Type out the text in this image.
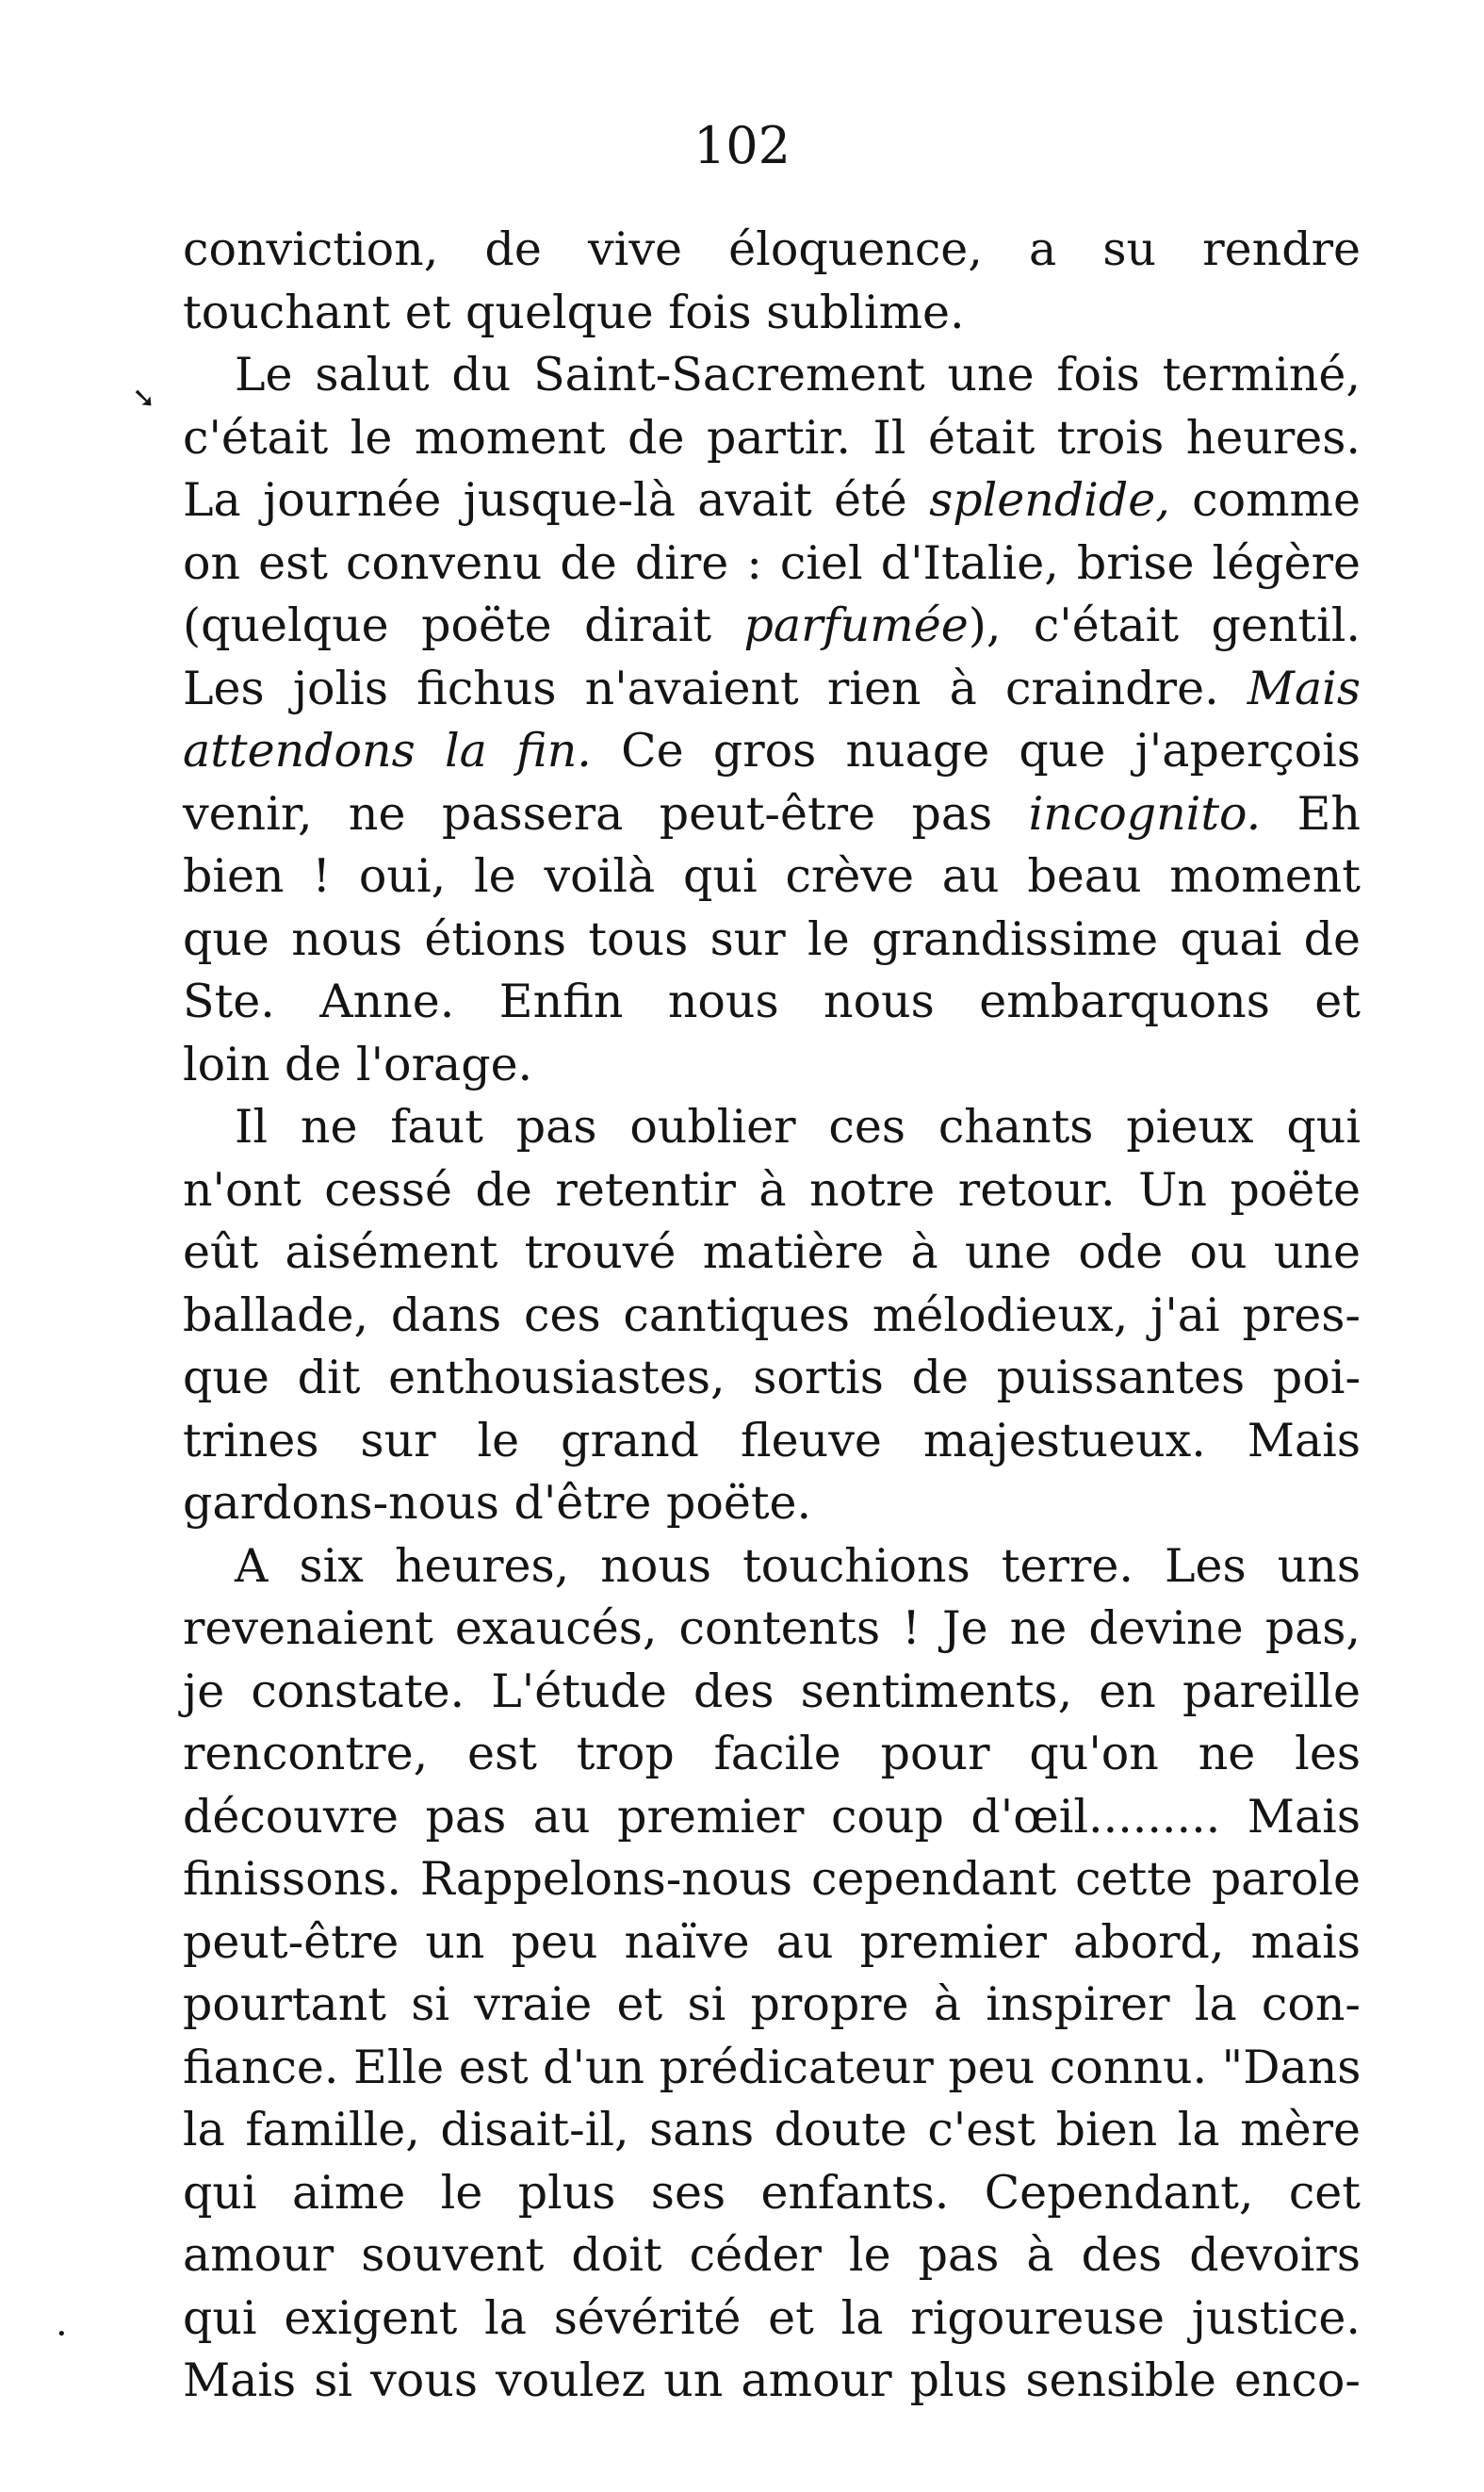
102
➘
•
conviction, de vive éloquence, a su rendre
touchant et quelque fois sublime.
Le salut du Saint-Sacrement une fois terminé,
c'était le moment de partir. Il était trois heures.
La journée jusque-là avait été splendide, comme
on est convenu de dire : ciel d'Italie, brise légère
(quelque poëte dirait parfumée), c'était gentil.
Les jolis fichus n'avaient rien à craindre. Mais
attendons la fin. Ce gros nuage que j'aperçois
venir, ne passera peut-être pas incognito. Eh
bien ! oui, le voilà qui crève au beau moment
que nous étions tous sur le grandissime quai de
Ste. Anne. Enfin nous nous embarquons et
loin de l'orage.
Il ne faut pas oublier ces chants pieux qui
n'ont cessé de retentir à notre retour. Un poëte
eût aisément trouvé matière à une ode ou une
ballade, dans ces cantiques mélodieux, j'ai pres-
que dit enthousiastes, sortis de puissantes poi-
trines sur le grand fleuve majestueux. Mais
gardons-nous d'être poëte.
A six heures, nous touchions terre. Les uns
revenaient exaucés, contents ! Je ne devine pas,
je constate. L'étude des sentiments, en pareille
rencontre, est trop facile pour qu'on ne les
découvre pas au premier coup d'œil......... Mais
finissons. Rappelons-nous cependant cette parole
peut-être un peu naïve au premier abord, mais
pourtant si vraie et si propre à inspirer la con-
fiance. Elle est d'un prédicateur peu connu. "Dans
la famille, disait-il, sans doute c'est bien la mère
qui aime le plus ses enfants. Cependant, cet
amour souvent doit céder le pas à des devoirs
qui exigent la sévérité et la rigoureuse justice.
Mais si vous voulez un amour plus sensible enco-
